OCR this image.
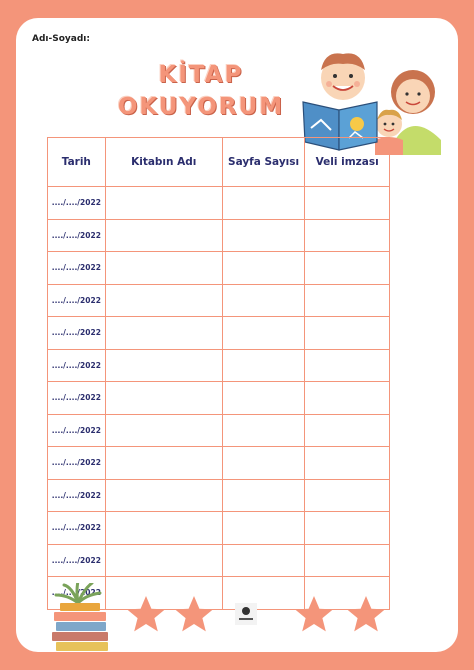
Adı-Soyadı:
KİTAP
OKUYORUM
Tarih	Kitabın Adı	Sayfa Sayısı	Veli imzası
..../..../2022			
..../..../2022			
..../..../2022			
..../..../2022			
..../..../2022			
..../..../2022			
..../..../2022			
..../..../2022			
..../..../2022			
..../..../2022			
..../..../2022			
..../..../2022			
..../..../2022			
